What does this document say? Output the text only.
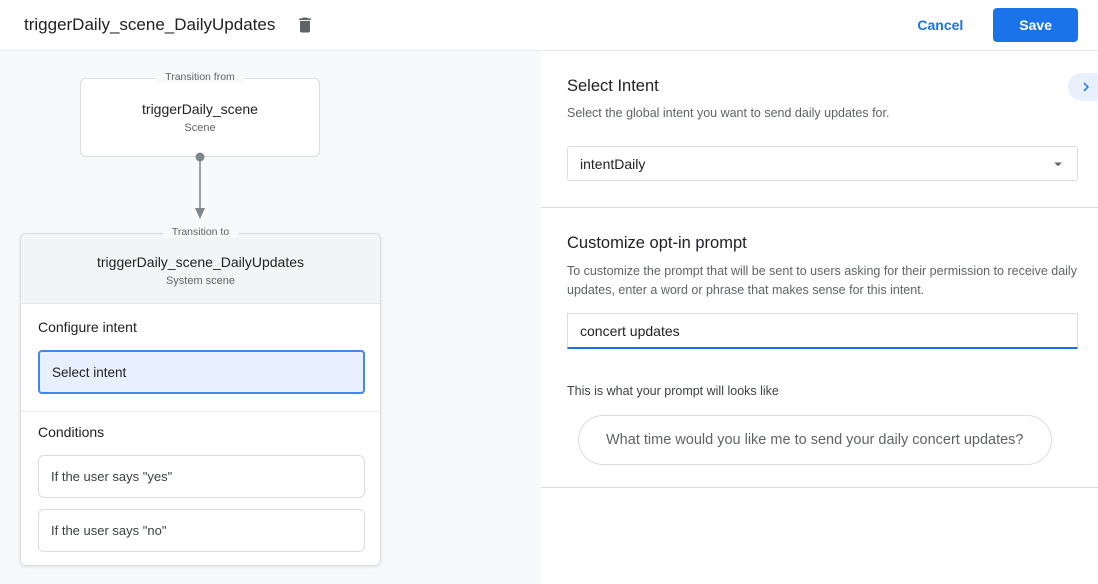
triggerDaily_scene_DailyUpdates	Cancel	Save
Transition from
triggerDaily_scene
Scene
Transition to
triggerDaily_scene_DailyUpdates
System scene
Configure intent
Select intent
Conditions
If the user says "yes"
If the user says "no"
Select Intent
Select the global intent you want to send daily updates for.
intentDaily
Customize opt-in prompt
To customize the prompt that will be sent to users asking for their permission to receive daily updates, enter a word or phrase that makes sense for this intent.
concert updates
This is what your prompt will looks like
What time would you like me to send your daily concert updates?
